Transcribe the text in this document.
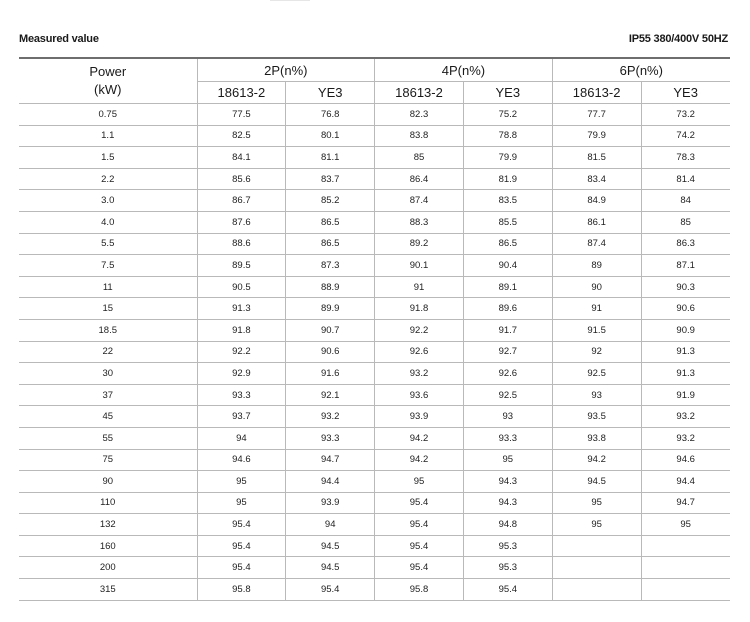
Measured value	IP55 380/400V 50HZ
Power
(kW)	2P(n%)		4P(n%)		6P(n%)	
	18613-2	YE3	18613-2	YE3	18613-2	YE3
0.75	77.5	76.8	82.3	75.2	77.7	73.2
1.1	82.5	80.1	83.8	78.8	79.9	74.2
1.5	84.1	81.1	85	79.9	81.5	78.3
2.2	85.6	83.7	86.4	81.9	83.4	81.4
3.0	86.7	85.2	87.4	83.5	84.9	84
4.0	87.6	86.5	88.3	85.5	86.1	85
5.5	88.6	86.5	89.2	86.5	87.4	86.3
7.5	89.5	87.3	90.1	90.4	89	87.1
11	90.5	88.9	91	89.1	90	90.3
15	91.3	89.9	91.8	89.6	91	90.6
18.5	91.8	90.7	92.2	91.7	91.5	90.9
22	92.2	90.6	92.6	92.7	92	91.3
30	92.9	91.6	93.2	92.6	92.5	91.3
37	93.3	92.1	93.6	92.5	93	91.9
45	93.7	93.2	93.9	93	93.5	93.2
55	94	93.3	94.2	93.3	93.8	93.2
75	94.6	94.7	94.2	95	94.2	94.6
90	95	94.4	95	94.3	94.5	94.4
110	95	93.9	95.4	94.3	95	94.7
132	95.4	94	95.4	94.8	95	95
160	95.4	94.5	95.4	95.3		
200	95.4	94.5	95.4	95.3		
315	95.8	95.4	95.8	95.4		
